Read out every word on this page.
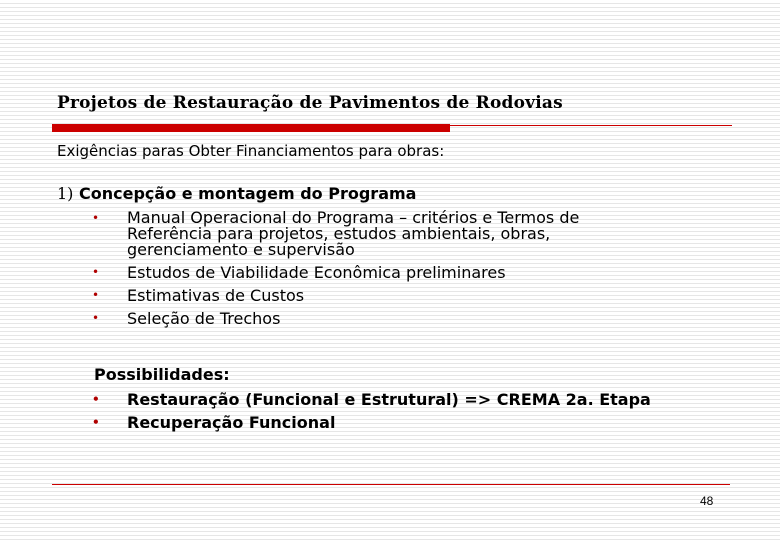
Projetos de Restauração de Pavimentos de Rodovias
Exigências paras Obter Financiamentos para obras:
1) Concepção e montagem do Programa
• Manual Operacional do Programa – critérios e Termos de Referência para projetos, estudos ambientais, obras, gerenciamento e supervisão
• Estudos de Viabilidade Econômica preliminares
• Estimativas de Custos
• Seleção de Trechos
Possibilidades:
• Restauração (Funcional e Estrutural) => CREMA 2a. Etapa
• Recuperação Funcional
48
